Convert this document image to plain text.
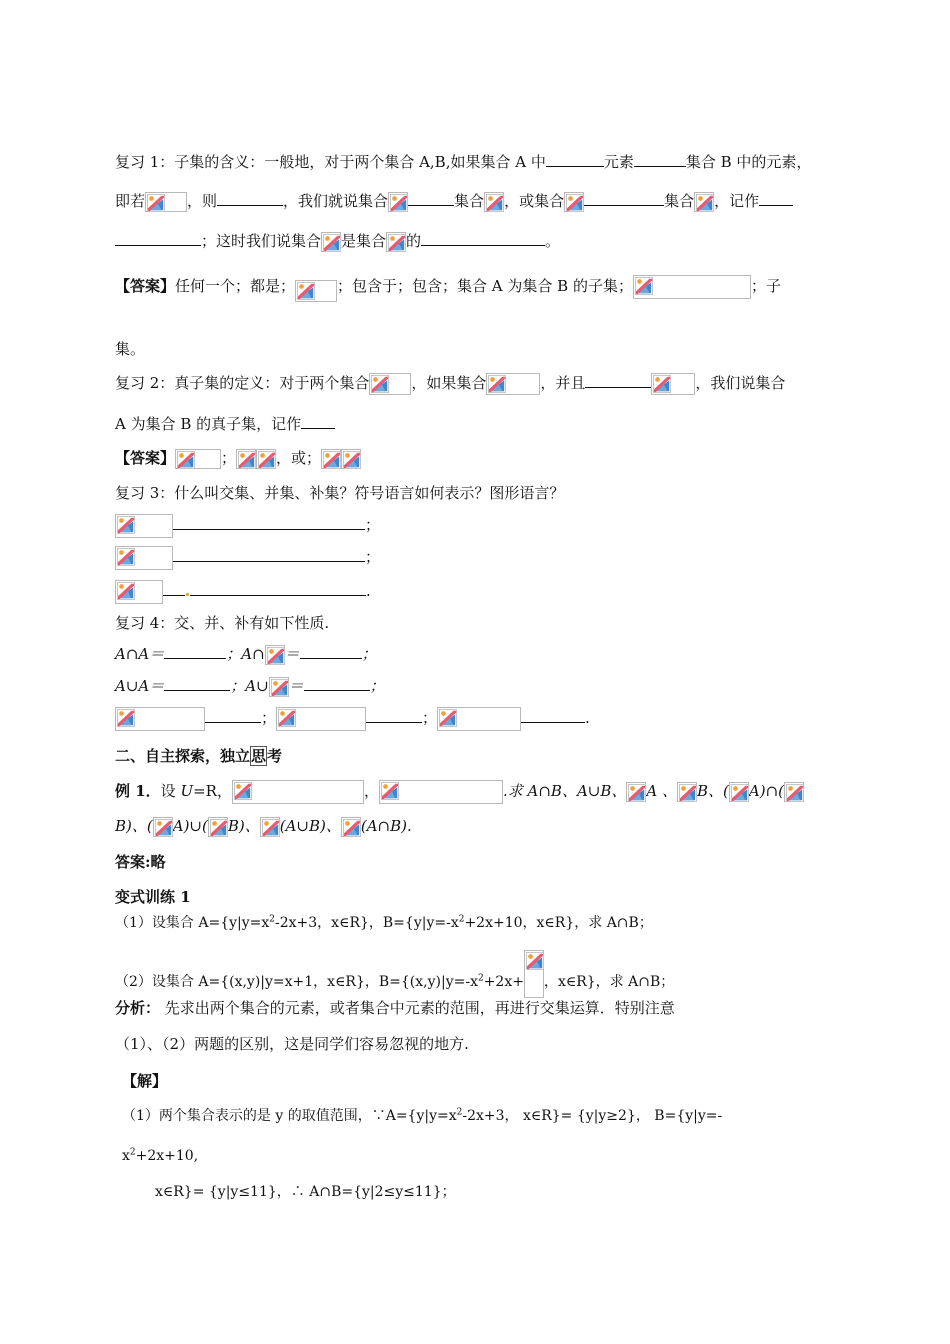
复习 1：子集的含义：一般地，对于两个集合 A,B,如果集合 A 中	元素	集合 B 中的元素，
即若	，则	，我们就说集合	集合 ，或集合	集合 ，记作
；这时我们说集合 是集合 的	。
【答案】任何一个；都是；	；包含于；包含；集合 A 为集合 B 的子集；	；子
集。
复习 2：真子集的定义：对于两个集合	，如果集合	，并且	，我们说集合
A 为集合 B 的真子集，记作
【答案】	；	，或；
复习 3：什么叫交集、并集、补集？符号语言如何表示？图形语言？
；
；
.
复习 4：交、并、补有如下性质.
A∩A＝	；A∩ ＝	；
A∪A＝	；A∪ ＝	；
；	；	.
二、自主探索，独立思考
例 1．设 U=R，	，	.求 A∩B、A∪B、 A 、 B、( A)∩(
B)、( A)∪( B)、 (A∪B)、 (A∩B).
答案:略
变式训练 1
（1）设集合 $A=\{y|y=x^2-2x+3$，x∈R}，$B=\{y|y=-x^2+2x+10$，x∈R}，求 A∩B；
（2）设集合 A={(x,y)|y=x+1，x∈R}，$B=\{(x,y)|y=-x^2+2x+$ ，x∈R}，求 A∩B；
分析： 先求出两个集合的元素，或者集合中元素的范围，再进行交集运算．特别注意
（1）、（2）两题的区别，这是同学们容易忽视的地方.
【解】
（1）两个集合表示的是 y 的取值范围，$\because A=\{y|y=x^2-2x+3$， x∈R}= {y|y≥2}， B={y|y=-
$x^2+2x+10$,
x∈R}= {y|y≤11}，∴ A∩B={y|2≤y≤11}；
